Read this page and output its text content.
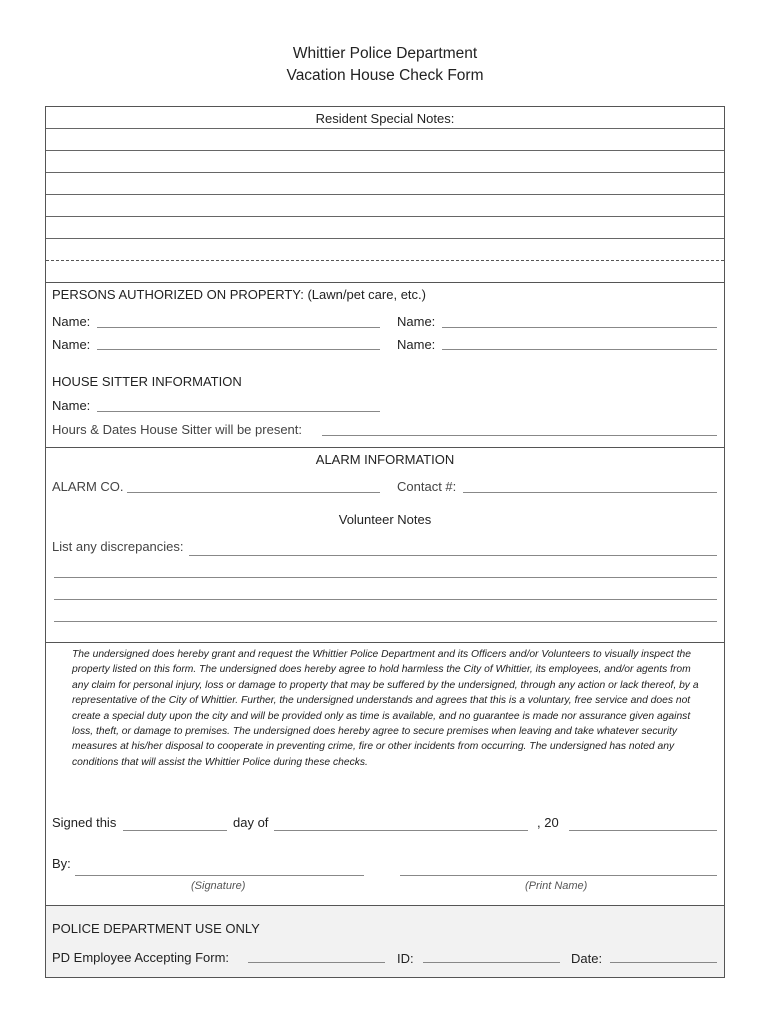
Whittier Police Department
Vacation House Check Form
Resident Special Notes:
PERSONS AUTHORIZED ON PROPERTY: (Lawn/pet care, etc.)
Name:	Name:
Name:	Name:
HOUSE SITTER INFORMATION
Name:
Hours & Dates House Sitter will be present:
ALARM INFORMATION
ALARM CO.	Contact #:
Volunteer Notes
List any discrepancies:
The undersigned does hereby grant and request the Whittier Police Department and its Officers and/or Volunteers to visually inspect the property listed on this form. The undersigned does hereby agree to hold harmless the City of Whittier, its employees, and/or agents from any claim for personal injury, loss or damage to property that may be suffered by the undersigned, through any action or lack thereof, by a representative of the City of Whittier. Further, the undersigned understands and agrees that this is a voluntary, free service and does not create a special duty upon the city and will be provided only as time is available, and no guarantee is made nor assurance given against loss, theft, or damage to premises. The undersigned does hereby agree to secure premises when leaving and take whatever security measures at his/her disposal to cooperate in preventing crime, fire or other incidents from occurring. The undersigned has noted any conditions that will assist the Whittier Police during these checks.
Signed this	day of	, 20
By:
(Signature)	(Print Name)
POLICE DEPARTMENT USE ONLY
PD Employee Accepting Form:	ID:	Date:
